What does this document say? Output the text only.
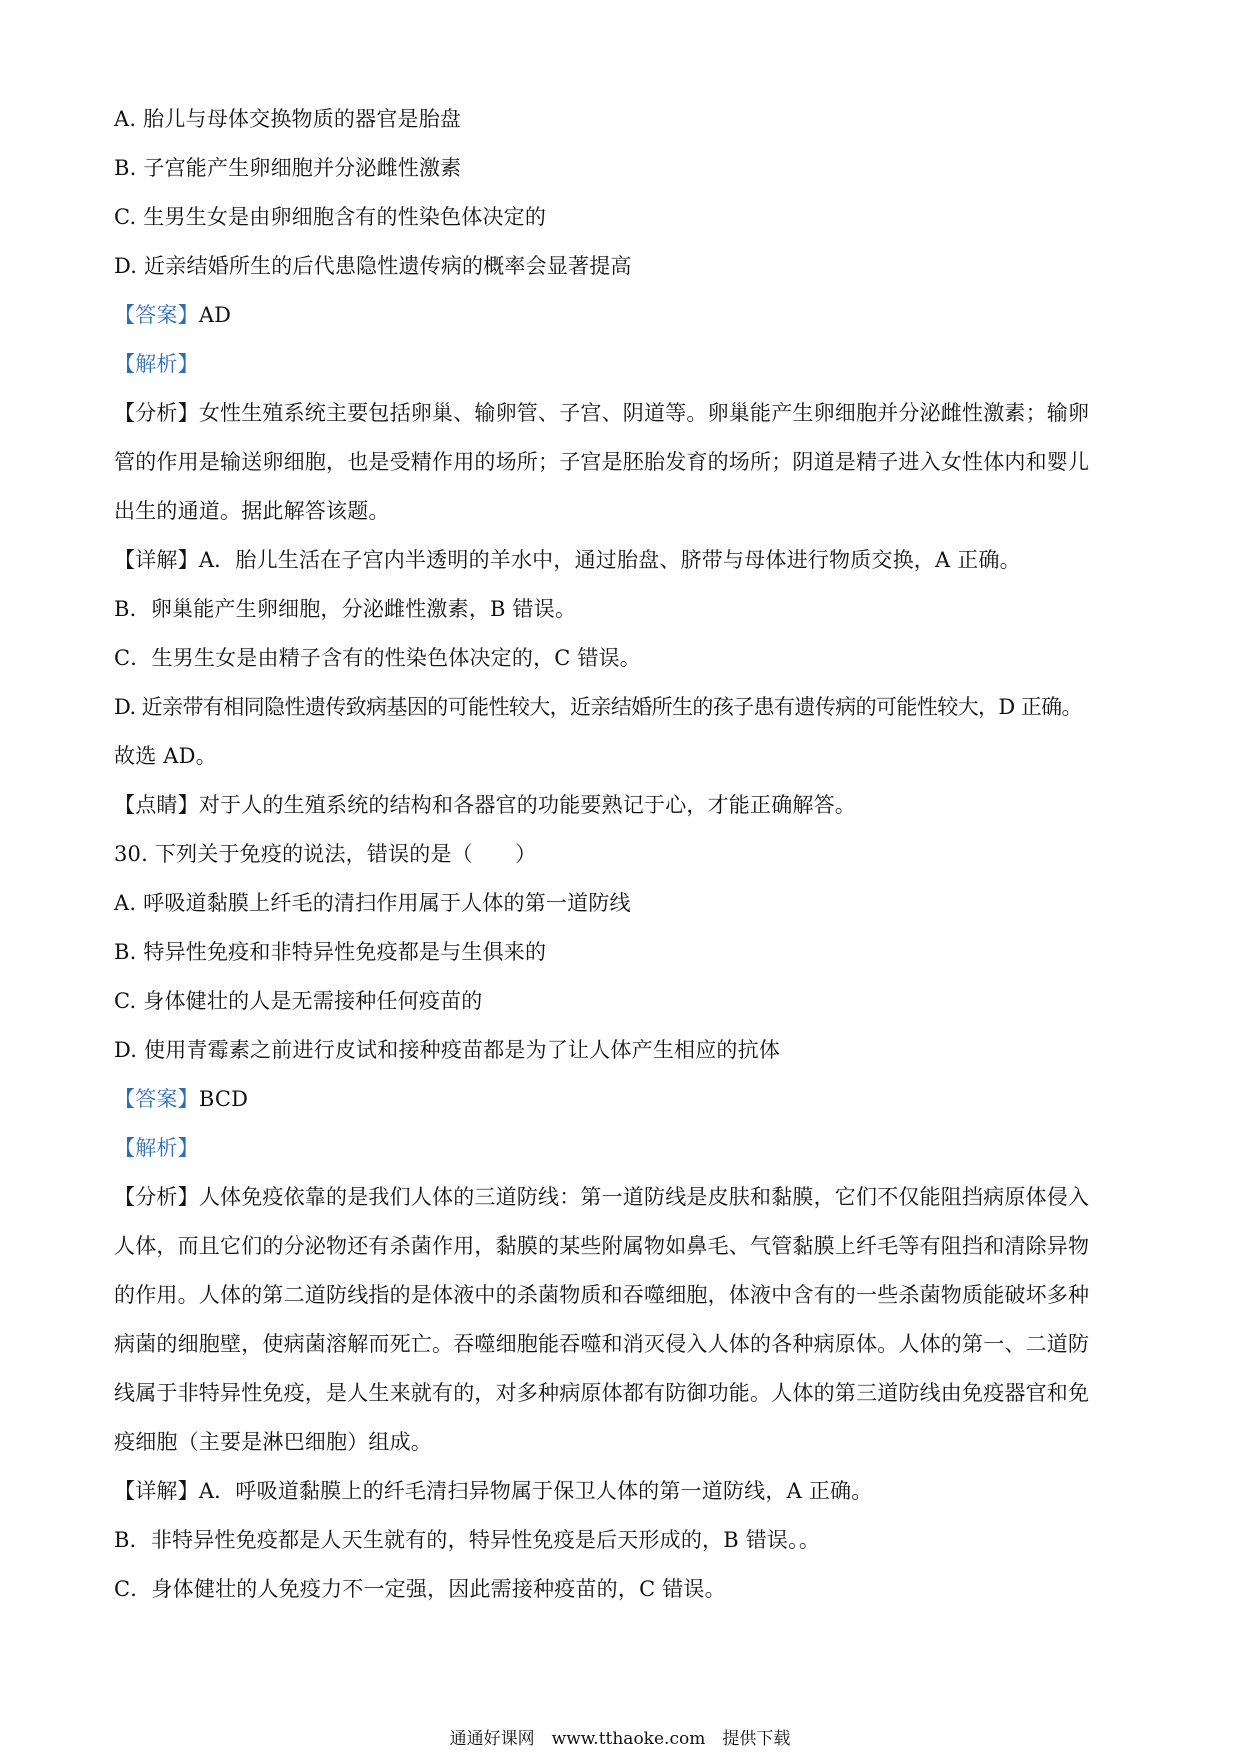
A. 胎儿与母体交换物质的器官是胎盘
B. 子宫能产生卵细胞并分泌雌性激素
C. 生男生女是由卵细胞含有的性染色体决定的
D. 近亲结婚所生的后代患隐性遗传病的概率会显著提高
【答案】AD
【解析】
【分析】女性生殖系统主要包括卵巢、输卵管、子宫、阴道等。卵巢能产生卵细胞并分泌雌性激素；输卵
管的作用是输送卵细胞，也是受精作用的场所；子宫是胚胎发育的场所；阴道是精子进入女性体内和婴儿
出生的通道。据此解答该题。
【详解】A．胎儿生活在子宫内半透明的羊水中，通过胎盘、脐带与母体进行物质交换，A 正确。
B．卵巢能产生卵细胞，分泌雌性激素，B 错误。
C．生男生女是由精子含有的性染色体决定的，C 错误。
D. 近亲带有相同隐性遗传致病基因的可能性较大，近亲结婚所生的孩子患有遗传病的可能性较大，D 正确。
故选 AD。
【点睛】对于人的生殖系统的结构和各器官的功能要熟记于心，才能正确解答。
30. 下列关于免疫的说法，错误的是（　　）
A. 呼吸道黏膜上纤毛的清扫作用属于人体的第一道防线
B. 特异性免疫和非特异性免疫都是与生俱来的
C. 身体健壮的人是无需接种任何疫苗的
D. 使用青霉素之前进行皮试和接种疫苗都是为了让人体产生相应的抗体
【答案】BCD
【解析】
【分析】人体免疫依靠的是我们人体的三道防线：第一道防线是皮肤和黏膜，它们不仅能阻挡病原体侵入
人体，而且它们的分泌物还有杀菌作用，黏膜的某些附属物如鼻毛、气管黏膜上纤毛等有阻挡和清除异物
的作用。人体的第二道防线指的是体液中的杀菌物质和吞噬细胞，体液中含有的一些杀菌物质能破坏多种
病菌的细胞壁，使病菌溶解而死亡。吞噬细胞能吞噬和消灭侵入人体的各种病原体。人体的第一、二道防
线属于非特异性免疫，是人生来就有的，对多种病原体都有防御功能。人体的第三道防线由免疫器官和免
疫细胞（主要是淋巴细胞）组成。
【详解】A．呼吸道黏膜上的纤毛清扫异物属于保卫人体的第一道防线，A 正确。
B．非特异性免疫都是人天生就有的，特异性免疫是后天形成的，B 错误。。
C．身体健壮的人免疫力不一定强，因此需接种疫苗的，C 错误。
通通好课网　www.tthaoke.com　提供下载
